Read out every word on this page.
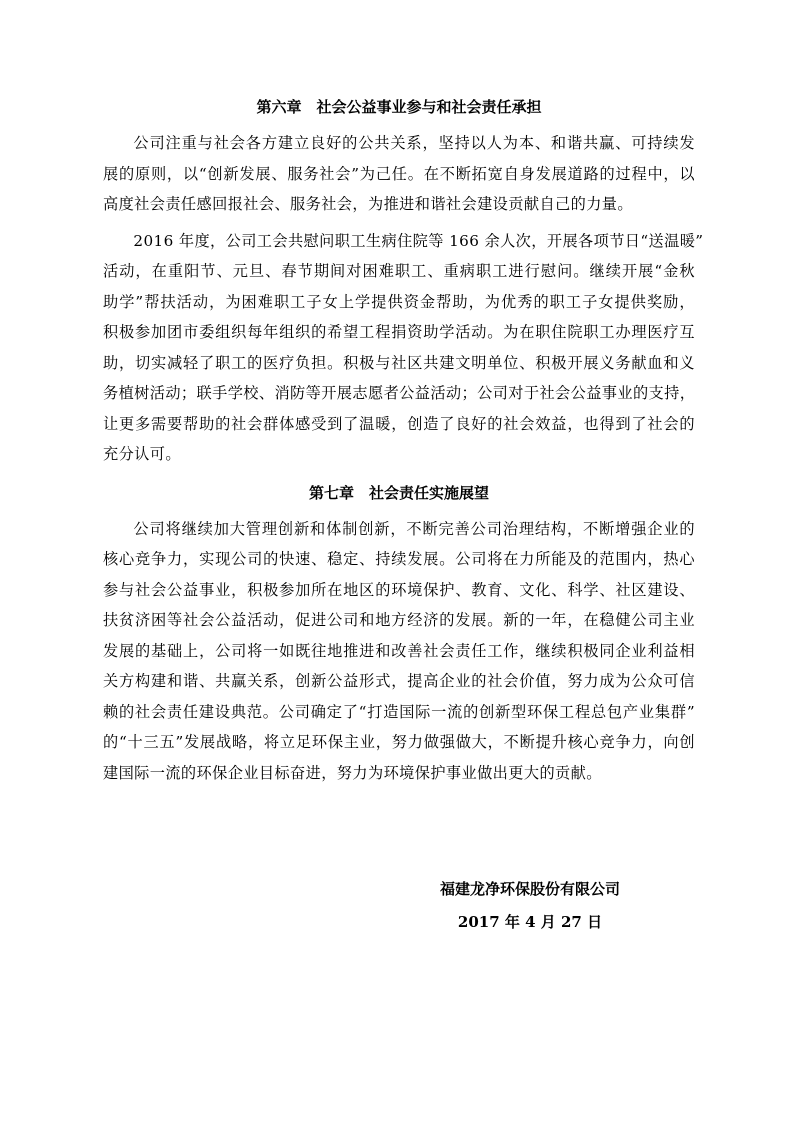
第六章　社会公益事业参与和社会责任承担
公司注重与社会各方建立良好的公共关系，坚持以人为本、和谐共赢、可持续发
展的原则，以“创新发展、服务社会”为己任。在不断拓宽自身发展道路的过程中，以
高度社会责任感回报社会、服务社会，为推进和谐社会建设贡献自己的力量。
2016 年度，公司工会共慰问职工生病住院等 166 余人次，开展各项节日“送温暖”
活动，在重阳节、元旦、春节期间对困难职工、重病职工进行慰问。继续开展“金秋
助学”帮扶活动，为困难职工子女上学提供资金帮助，为优秀的职工子女提供奖励，
积极参加团市委组织每年组织的希望工程捐资助学活动。为在职住院职工办理医疗互
助，切实减轻了职工的医疗负担。积极与社区共建文明单位、积极开展义务献血和义
务植树活动；联手学校、消防等开展志愿者公益活动；公司对于社会公益事业的支持，
让更多需要帮助的社会群体感受到了温暖，创造了良好的社会效益，也得到了社会的
充分认可。
第七章　社会责任实施展望
公司将继续加大管理创新和体制创新，不断完善公司治理结构，不断增强企业的
核心竞争力，实现公司的快速、稳定、持续发展。公司将在力所能及的范围内，热心
参与社会公益事业，积极参加所在地区的环境保护、教育、文化、科学、社区建设、
扶贫济困等社会公益活动，促进公司和地方经济的发展。新的一年，在稳健公司主业
发展的基础上，公司将一如既往地推进和改善社会责任工作，继续积极同企业利益相
关方构建和谐、共赢关系，创新公益形式，提高企业的社会价值，努力成为公众可信
赖的社会责任建设典范。公司确定了“打造国际一流的创新型环保工程总包产业集群”
的“十三五”发展战略，将立足环保主业，努力做强做大，不断提升核心竞争力，向创
建国际一流的环保企业目标奋进，努力为环境保护事业做出更大的贡献。
福建龙净环保股份有限公司
2017 年 4 月 27 日
